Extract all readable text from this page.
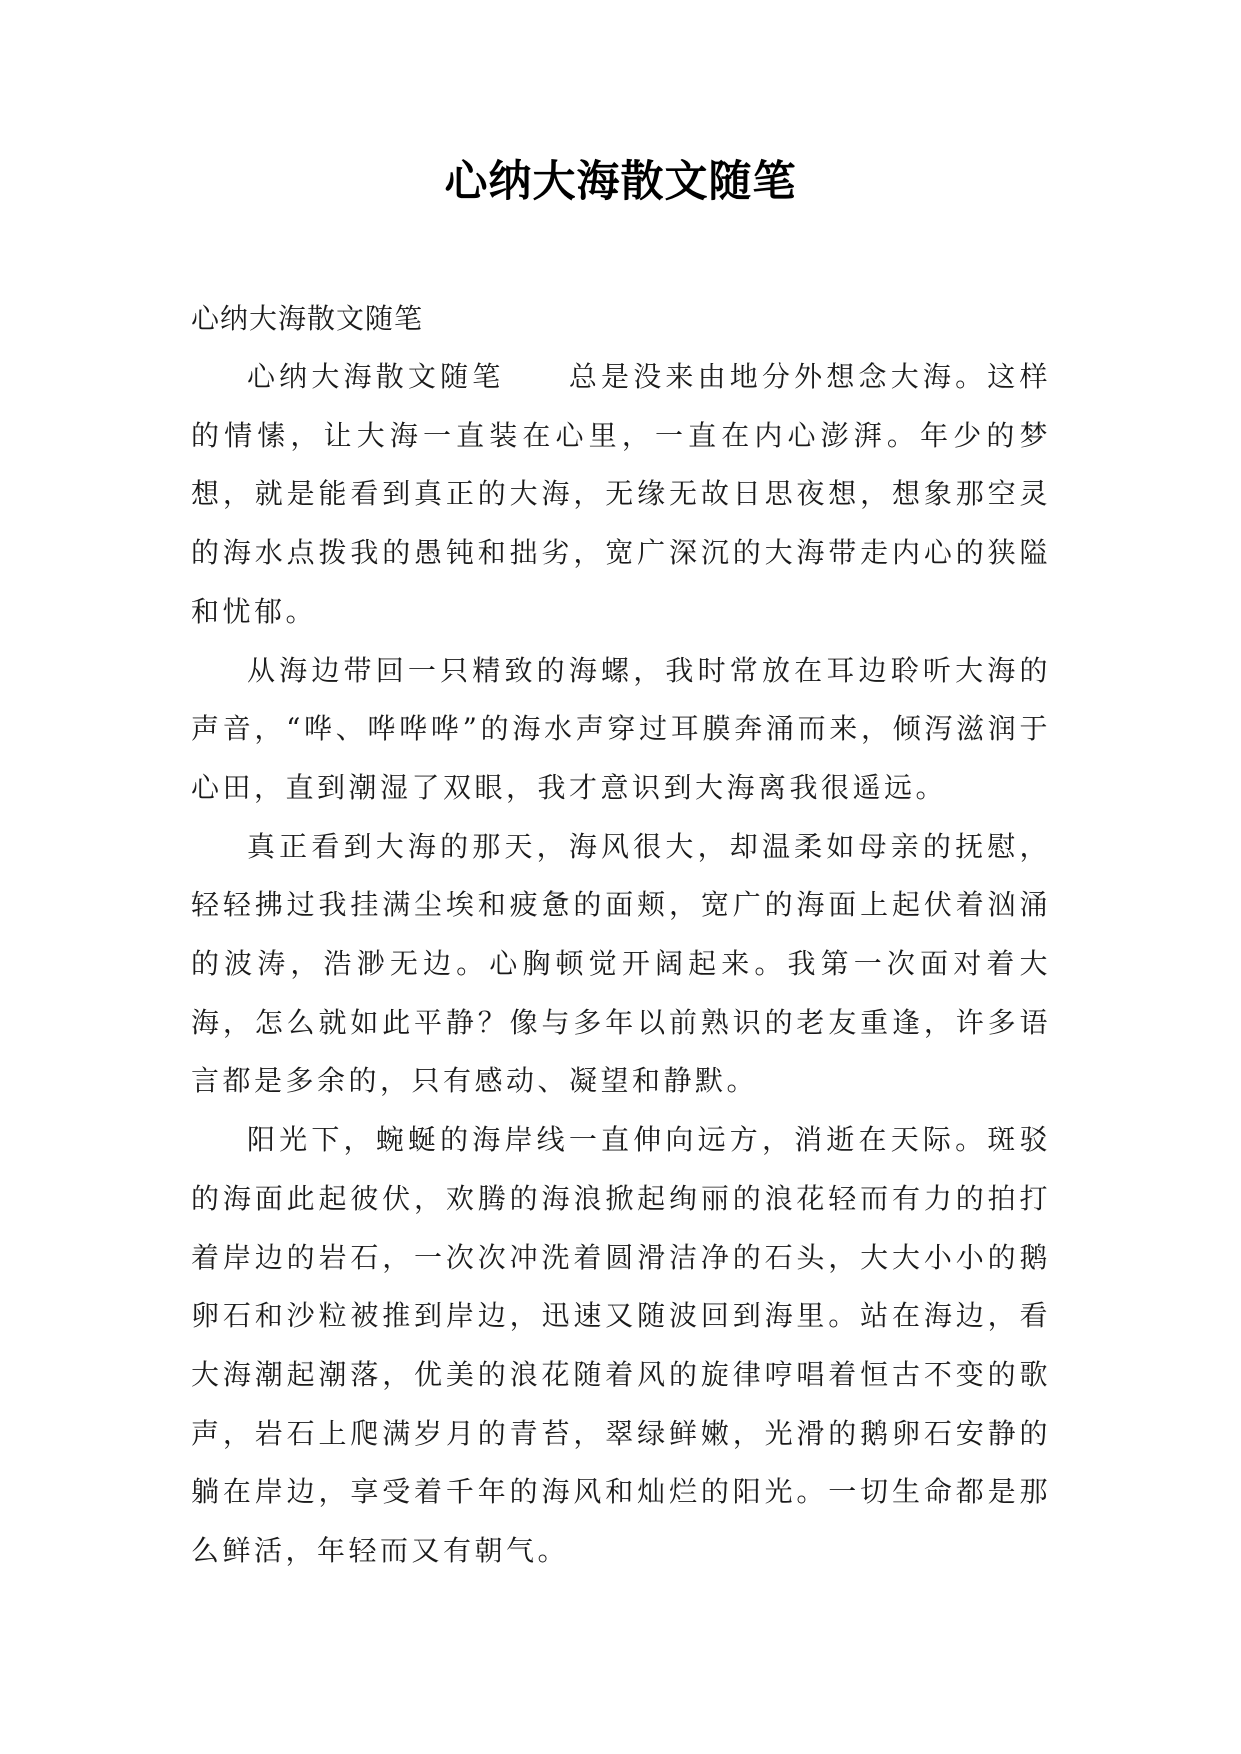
心纳大海散文随笔

心纳大海散文随笔

心纳大海散文随笔　　总是没来由地分外想念大海。这样的情愫，让大海一直装在心里，一直在内心澎湃。年少的梦想，就是能看到真正的大海，无缘无故日思夜想，想象那空灵的海水点拨我的愚钝和拙劣，宽广深沉的大海带走内心的狭隘和忧郁。

从海边带回一只精致的海螺，我时常放在耳边聆听大海的声音，“哗、哗哗哗”的海水声穿过耳膜奔涌而来，倾泻滋润于心田，直到潮湿了双眼，我才意识到大海离我很遥远。

真正看到大海的那天，海风很大，却温柔如母亲的抚慰，轻轻拂过我挂满尘埃和疲惫的面颊，宽广的海面上起伏着汹涌的波涛，浩渺无边。心胸顿觉开阔起来。我第一次面对着大海，怎么就如此平静？像与多年以前熟识的老友重逢，许多语言都是多余的，只有感动、凝望和静默。

阳光下，蜿蜒的海岸线一直伸向远方，消逝在天际。斑驳的海面此起彼伏，欢腾的海浪掀起绚丽的浪花轻而有力的拍打着岸边的岩石，一次次冲洗着圆滑洁净的石头，大大小小的鹅卵石和沙粒被推到岸边，迅速又随波回到海里。站在海边，看大海潮起潮落，优美的浪花随着风的旋律哼唱着恒古不变的歌声，岩石上爬满岁月的青苔，翠绿鲜嫩，光滑的鹅卵石安静的躺在岸边，享受着千年的海风和灿烂的阳光。一切生命都是那么鲜活，年轻而又有朝气。
